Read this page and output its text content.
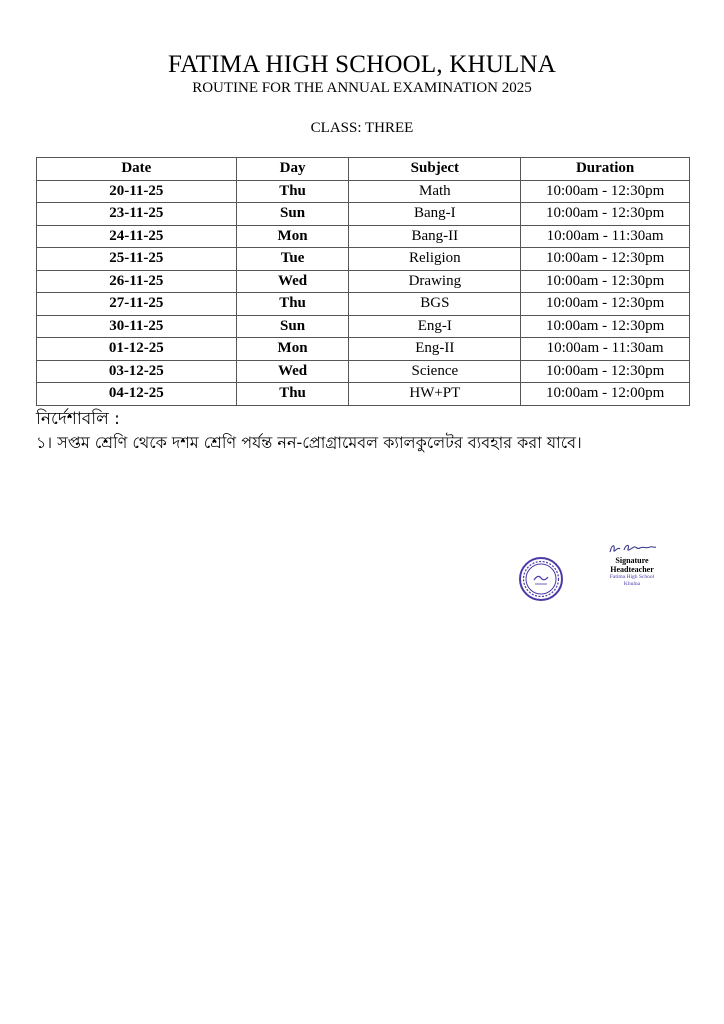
FATIMA HIGH SCHOOL, KHULNA
ROUTINE FOR THE ANNUAL EXAMINATION 2025
CLASS: THREE
Date	Day	Subject	Duration
20-11-25	Thu	Math	10:00am - 12:30pm
23-11-25	Sun	Bang-I	10:00am - 12:30pm
24-11-25	Mon	Bang-II	10:00am - 11:30am
25-11-25	Tue	Religion	10:00am - 12:30pm
26-11-25	Wed	Drawing	10:00am - 12:30pm
27-11-25	Thu	BGS	10:00am - 12:30pm
30-11-25	Sun	Eng-I	10:00am - 12:30pm
01-12-25	Mon	Eng-II	10:00am - 11:30am
03-12-25	Wed	Science	10:00am - 12:30pm
04-12-25	Thu	HW+PT	10:00am - 12:00pm
নির্দেশাবলি :
১। সপ্তম শ্রেণি থেকে দশম শ্রেণি পর্যন্ত নন-প্রোগ্রামেবল ক্যালকুলেটর ব্যবহার করা যাবে।
Signature
Headteacher
Fatima High School
Khulna
